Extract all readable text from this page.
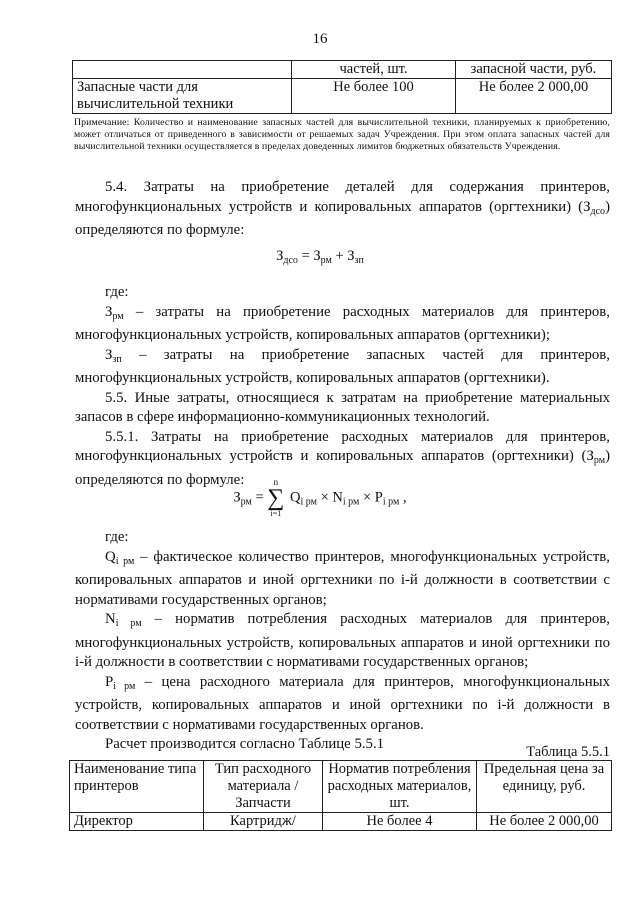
16
	частей, шт.	запасной части, руб.
Запасные части для вычислительной техники	Не более 100	Не более 2 000,00
Примечание: Количество и наименование запасных частей для вычислительной техники, планируемых к приобретению, может отличаться от приведенного в зависимости от решаемых задач Учреждения. При этом оплата запасных частей для вычислительной техники осуществляется в пределах доведенных лимитов бюджетных обязательств Учреждения.

5.4. Затраты на приобретение деталей для содержания принтеров, многофункциональных устройств и копировальных аппаратов (оргтехники) $(З_{дсо})$ определяются по формуле:

$З_{дсо} = З_{рм} + З_{зп}$

где:

$З_{рм}$ – затраты на приобретение расходных материалов для принтеров, многофункциональных устройств, копировальных аппаратов (оргтехники);

$З_{зп}$ – затраты на приобретение запасных частей для принтеров, многофункциональных устройств, копировальных аппаратов (оргтехники).

5.5. Иные затраты, относящиеся к затратам на приобретение материальных запасов в сфере информационно-коммуникационных технологий.

5.5.1. Затраты на приобретение расходных материалов для принтеров, многофункциональных устройств и копировальных аппаратов (оргтехники) $(З_{рм})$ определяются по формуле:

$З_{рм}$ =
n
∑
i=1
$Q_{i рм} \times N_{i рм} \times P_{i рм}$ ,

где:

$Q_{i рм}$ – фактическое количество принтеров, многофункциональных устройств, копировальных аппаратов и иной оргтехники по i-й должности в соответствии с нормативами государственных органов;

$N_{i рм}$ – норматив потребления расходных материалов для принтеров, многофункциональных устройств, копировальных аппаратов и иной оргтехники по i-й должности в соответствии с нормативами государственных органов;

$P_{i рм}$ – цена расходного материала для принтеров, многофункциональных устройств, копировальных аппаратов и иной оргтехники по i-й должности в соответствии с нормативами государственных органов.

Расчет производится согласно Таблице 5.5.1	Таблица 5.5.1
Наименование типа принтеров	Тип расходного материала / Запчасти	Норматив потребления расходных материалов, шт.	Предельная цена за единицу, руб.
Директор	Картридж/	Не более 4	Не более 2 000,00
